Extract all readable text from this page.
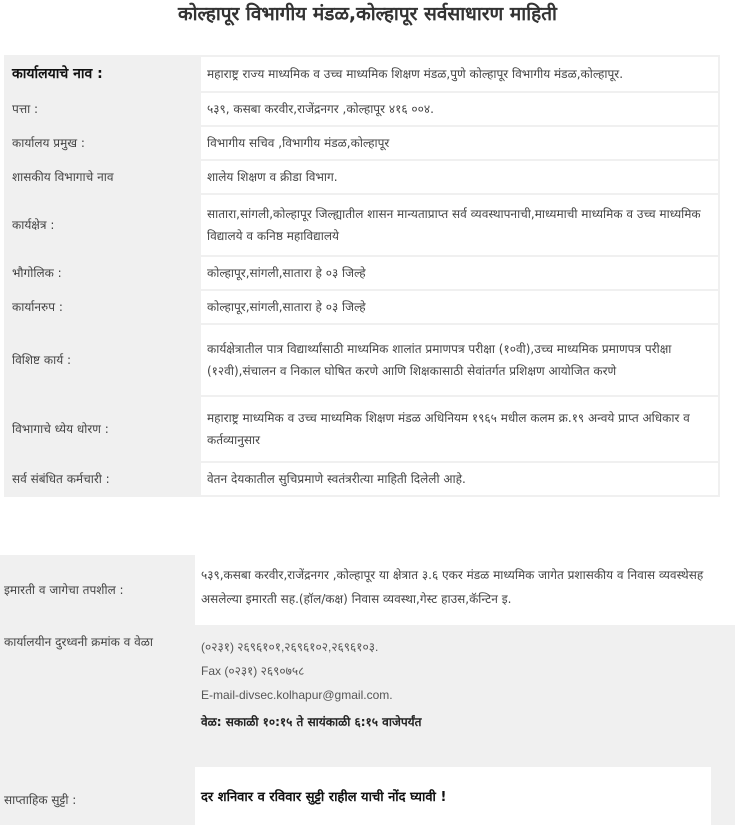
कोल्हापूर विभागीय मंडळ,कोल्हापूर सर्वसाधारण माहिती
कार्यालयाचे नाव :	महाराष्ट्र राज्य माध्यमिक व उच्च माध्यमिक शिक्षण मंडळ,पुणे कोल्हापूर विभागीय मंडळ,कोल्हापूर.
पत्ता :	५३९, कसबा करवीर,राजेंद्रनगर ,कोल्हापूर ४१६ ००४.
कार्यालय प्रमुख :	विभागीय सचिव ,विभागीय मंडळ,कोल्हापूर
शासकीय विभागाचे नाव	शालेय शिक्षण व क्रीडा विभाग.
कार्यक्षेत्र :	सातारा,सांगली,कोल्हापूर जिल्ह्यातील शासन मान्यताप्राप्त सर्व व्यवस्थापनाची,माध्यमाची माध्यमिक व उच्च माध्यमिक विद्यालये व कनिष्ठ महाविद्यालये
भौगोलिक :	कोल्हापूर,सांगली,सातारा हे ०३ जिल्हे
कार्यानरुप :	कोल्हापूर,सांगली,सातारा हे ०३ जिल्हे
विशिष्ट कार्य :	कार्यक्षेत्रातील पात्र विद्यार्थ्यांसाठी माध्यमिक शालांत प्रमाणपत्र परीक्षा (१०वी),उच्च माध्यमिक प्रमाणपत्र परीक्षा (१२वी),संचालन व निकाल घोषित करणे आणि शिक्षकासाठी सेवांतर्गत प्रशिक्षण आयोजित करणे
विभागाचे ध्येय धोरण :	महाराष्ट्र माध्यमिक व उच्च माध्यमिक शिक्षण मंडळ अधिनियम १९६५ मधील कलम क्र.१९ अन्वये प्राप्त अधिकार व कर्तव्यानुसार
सर्व संबंधित कर्मचारी :	वेतन देयकातील सुचिप्रमाणे स्वतंत्ररीत्या माहिती दिलेली आहे.
इमारती व जागेचा तपशील :
५३९,कसबा करवीर,राजेंद्रनगर ,कोल्हापूर या क्षेत्रात ३.६ एकर मंडळ माध्यमिक जागेत प्रशासकीय व निवास व्यवस्थेसह असलेल्या इमारती सह.(हॉल/कक्ष) निवास व्यवस्था,गेस्ट हाउस,कॅन्टिन इ.
कार्यालयीन दुरध्वनी क्रमांक व वेळा	(०२३१) २६९६१०१,२६९६१०२,२६९६१०३.
Fax (०२३१) २६९०७५८
E-mail-divsec.kolhapur@gmail.com.
वेळ: सकाळी १०:१५ ते सायंकाळी ६:१५ वाजेपर्यंत
साप्ताहिक सुट्टी :	दर शनिवार व रविवार सुट्टी राहील याची नोंद घ्यावी !
